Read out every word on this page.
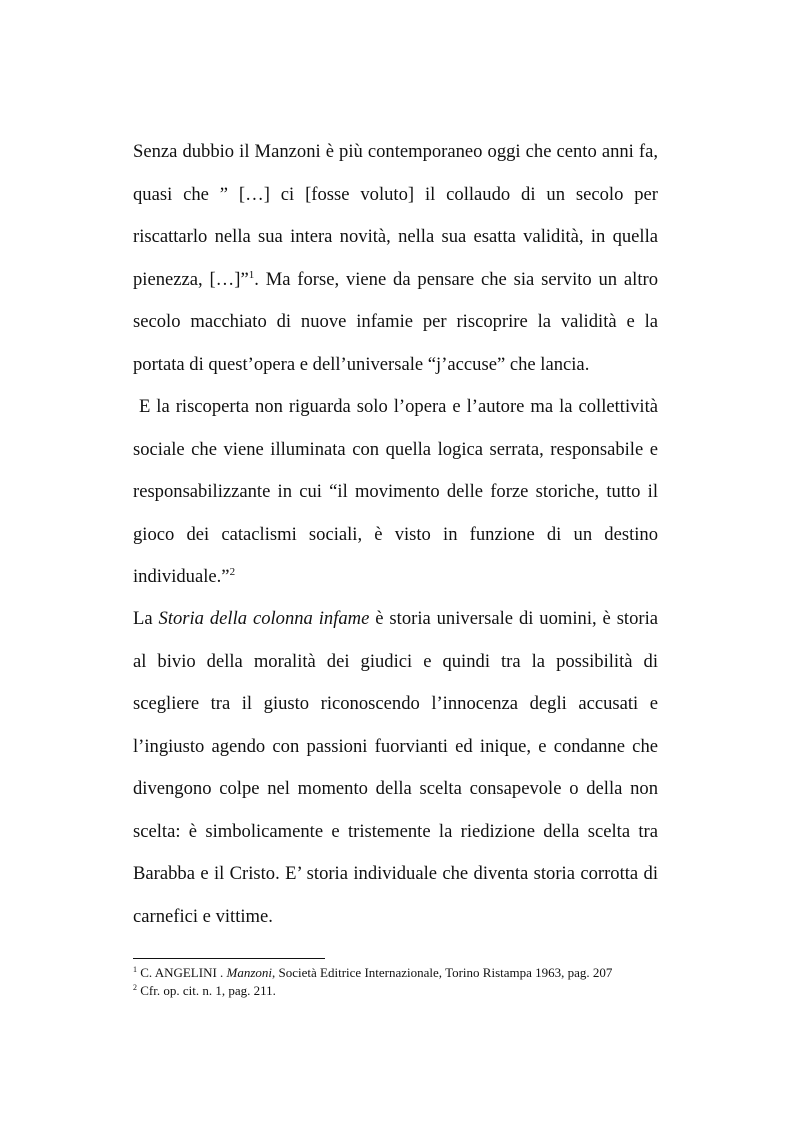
Senza dubbio il Manzoni è più contemporaneo oggi che cento anni fa,
quasi che ” […] ci [fosse voluto] il collaudo di un secolo per
riscattarlo nella sua intera novità, nella sua esatta validità, in quella
pienezza, […]”$^1$. Ma forse, viene da pensare che sia servito un altro
secolo macchiato di nuove infamie per riscoprire la validità e la
portata di quest’opera e dell’universale “j’accuse” che lancia.
E la riscoperta non riguarda solo l’opera e l’autore ma la collettività
sociale che viene illuminata con quella logica serrata, responsabile e
responsabilizzante in cui “il movimento delle forze storiche, tutto il
gioco dei cataclismi sociali, è visto in funzione di un destino
individuale.”$^2$
La Storia della colonna infame è storia universale di uomini, è storia
al bivio della moralità dei giudici e quindi tra la possibilità di
scegliere tra il giusto riconoscendo l’innocenza degli accusati e
l’ingiusto agendo con passioni fuorvianti ed inique, e condanne che
divengono colpe nel momento della scelta consapevole o della non
scelta: è simbolicamente e tristemente la riedizione della scelta tra
Barabba e il Cristo. E’ storia individuale che diventa storia corrotta di
carnefici e vittime.
$^1$ C. ANGELINI . Manzoni, Società Editrice Internazionale, Torino Ristampa 1963, pag. 207
$^2$ Cfr. op. cit. n. 1, pag. 211.
